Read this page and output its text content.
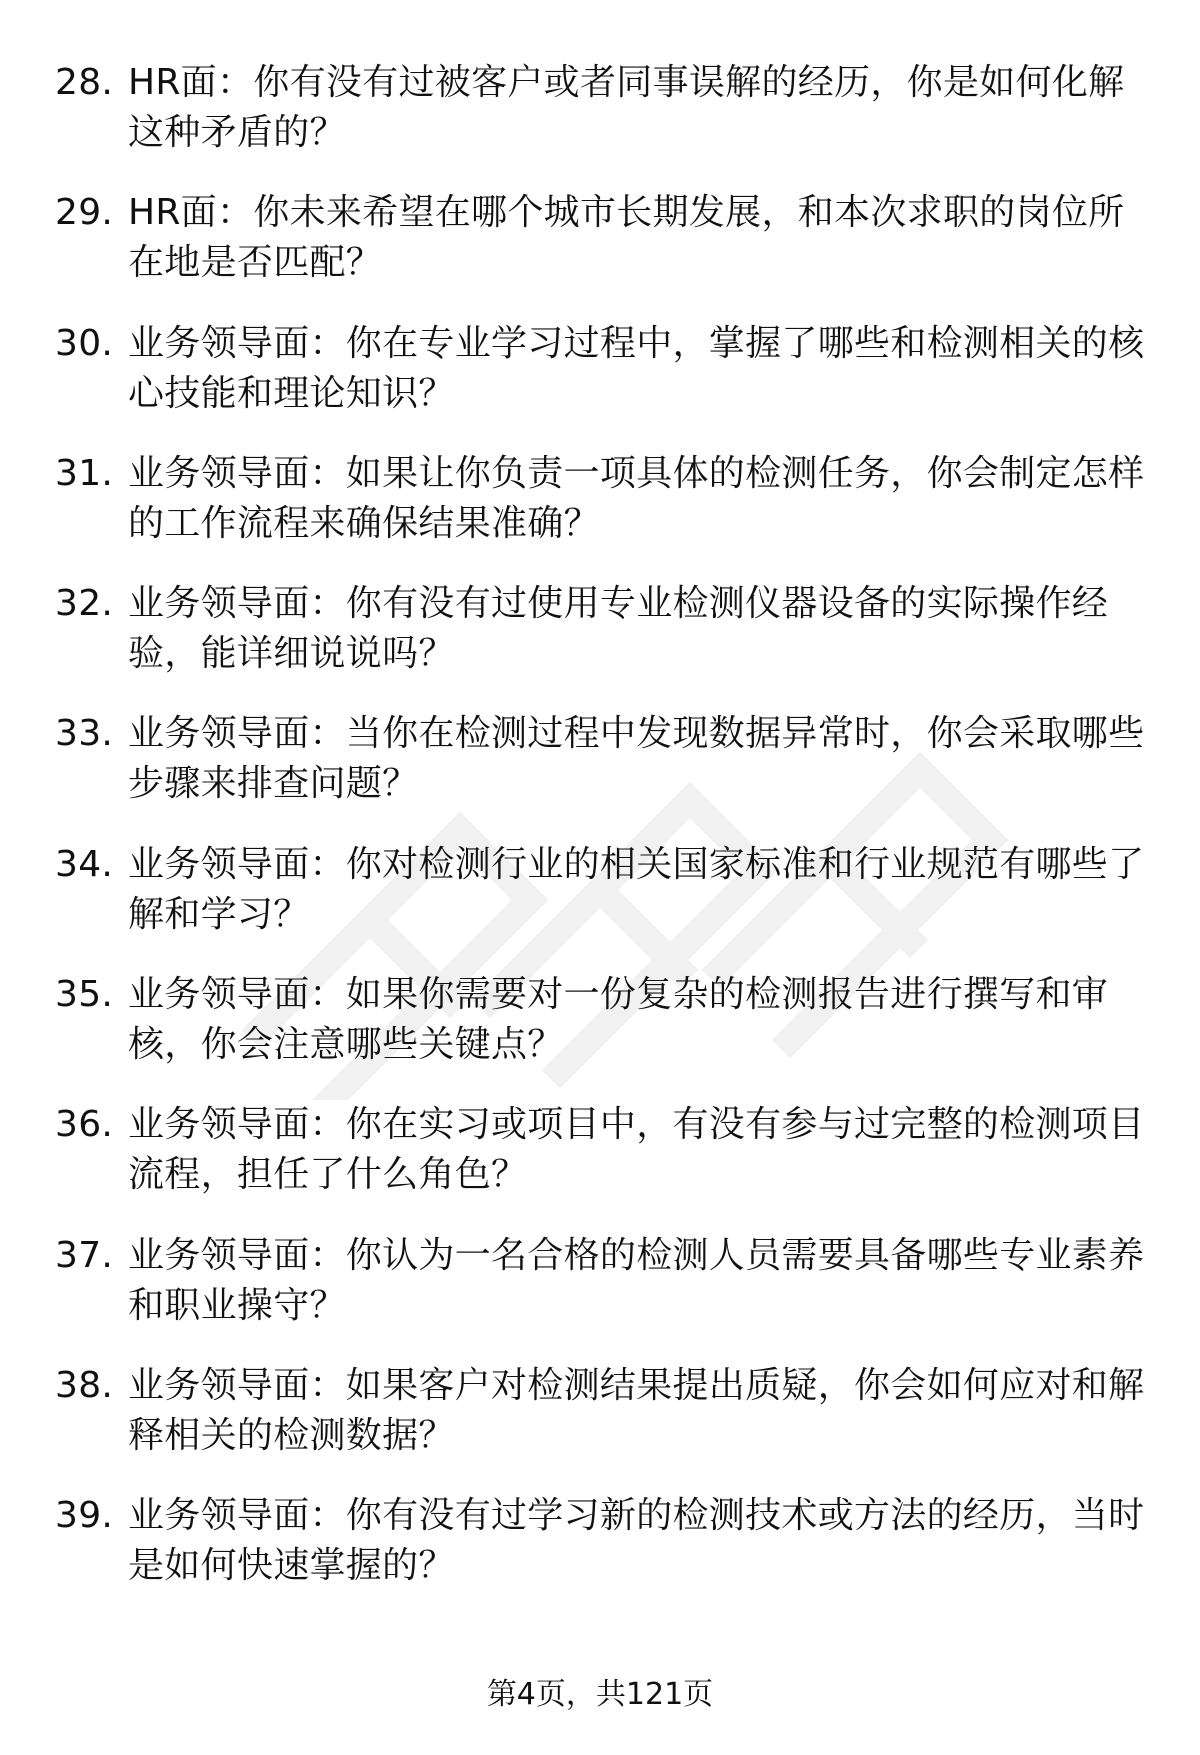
28. HR面：你有没有过被客户或者同事误解的经历，你是如何化解这种矛盾的？
29. HR面：你未来希望在哪个城市长期发展，和本次求职的岗位所在地是否匹配？
30. 业务领导面：你在专业学习过程中，掌握了哪些和检测相关的核心技能和理论知识？
31. 业务领导面：如果让你负责一项具体的检测任务，你会制定怎样的工作流程来确保结果准确？
32. 业务领导面：你有没有过使用专业检测仪器设备的实际操作经验，能详细说说吗？
33. 业务领导面：当你在检测过程中发现数据异常时，你会采取哪些步骤来排查问题？
34. 业务领导面：你对检测行业的相关国家标准和行业规范有哪些了解和学习？
35. 业务领导面：如果你需要对一份复杂的检测报告进行撰写和审核，你会注意哪些关键点？
36. 业务领导面：你在实习或项目中，有没有参与过完整的检测项目流程，担任了什么角色？
37. 业务领导面：你认为一名合格的检测人员需要具备哪些专业素养和职业操守？
38. 业务领导面：如果客户对检测结果提出质疑，你会如何应对和解释相关的检测数据？
39. 业务领导面：你有没有过学习新的检测技术或方法的经历，当时是如何快速掌握的？
第4页，共121页
